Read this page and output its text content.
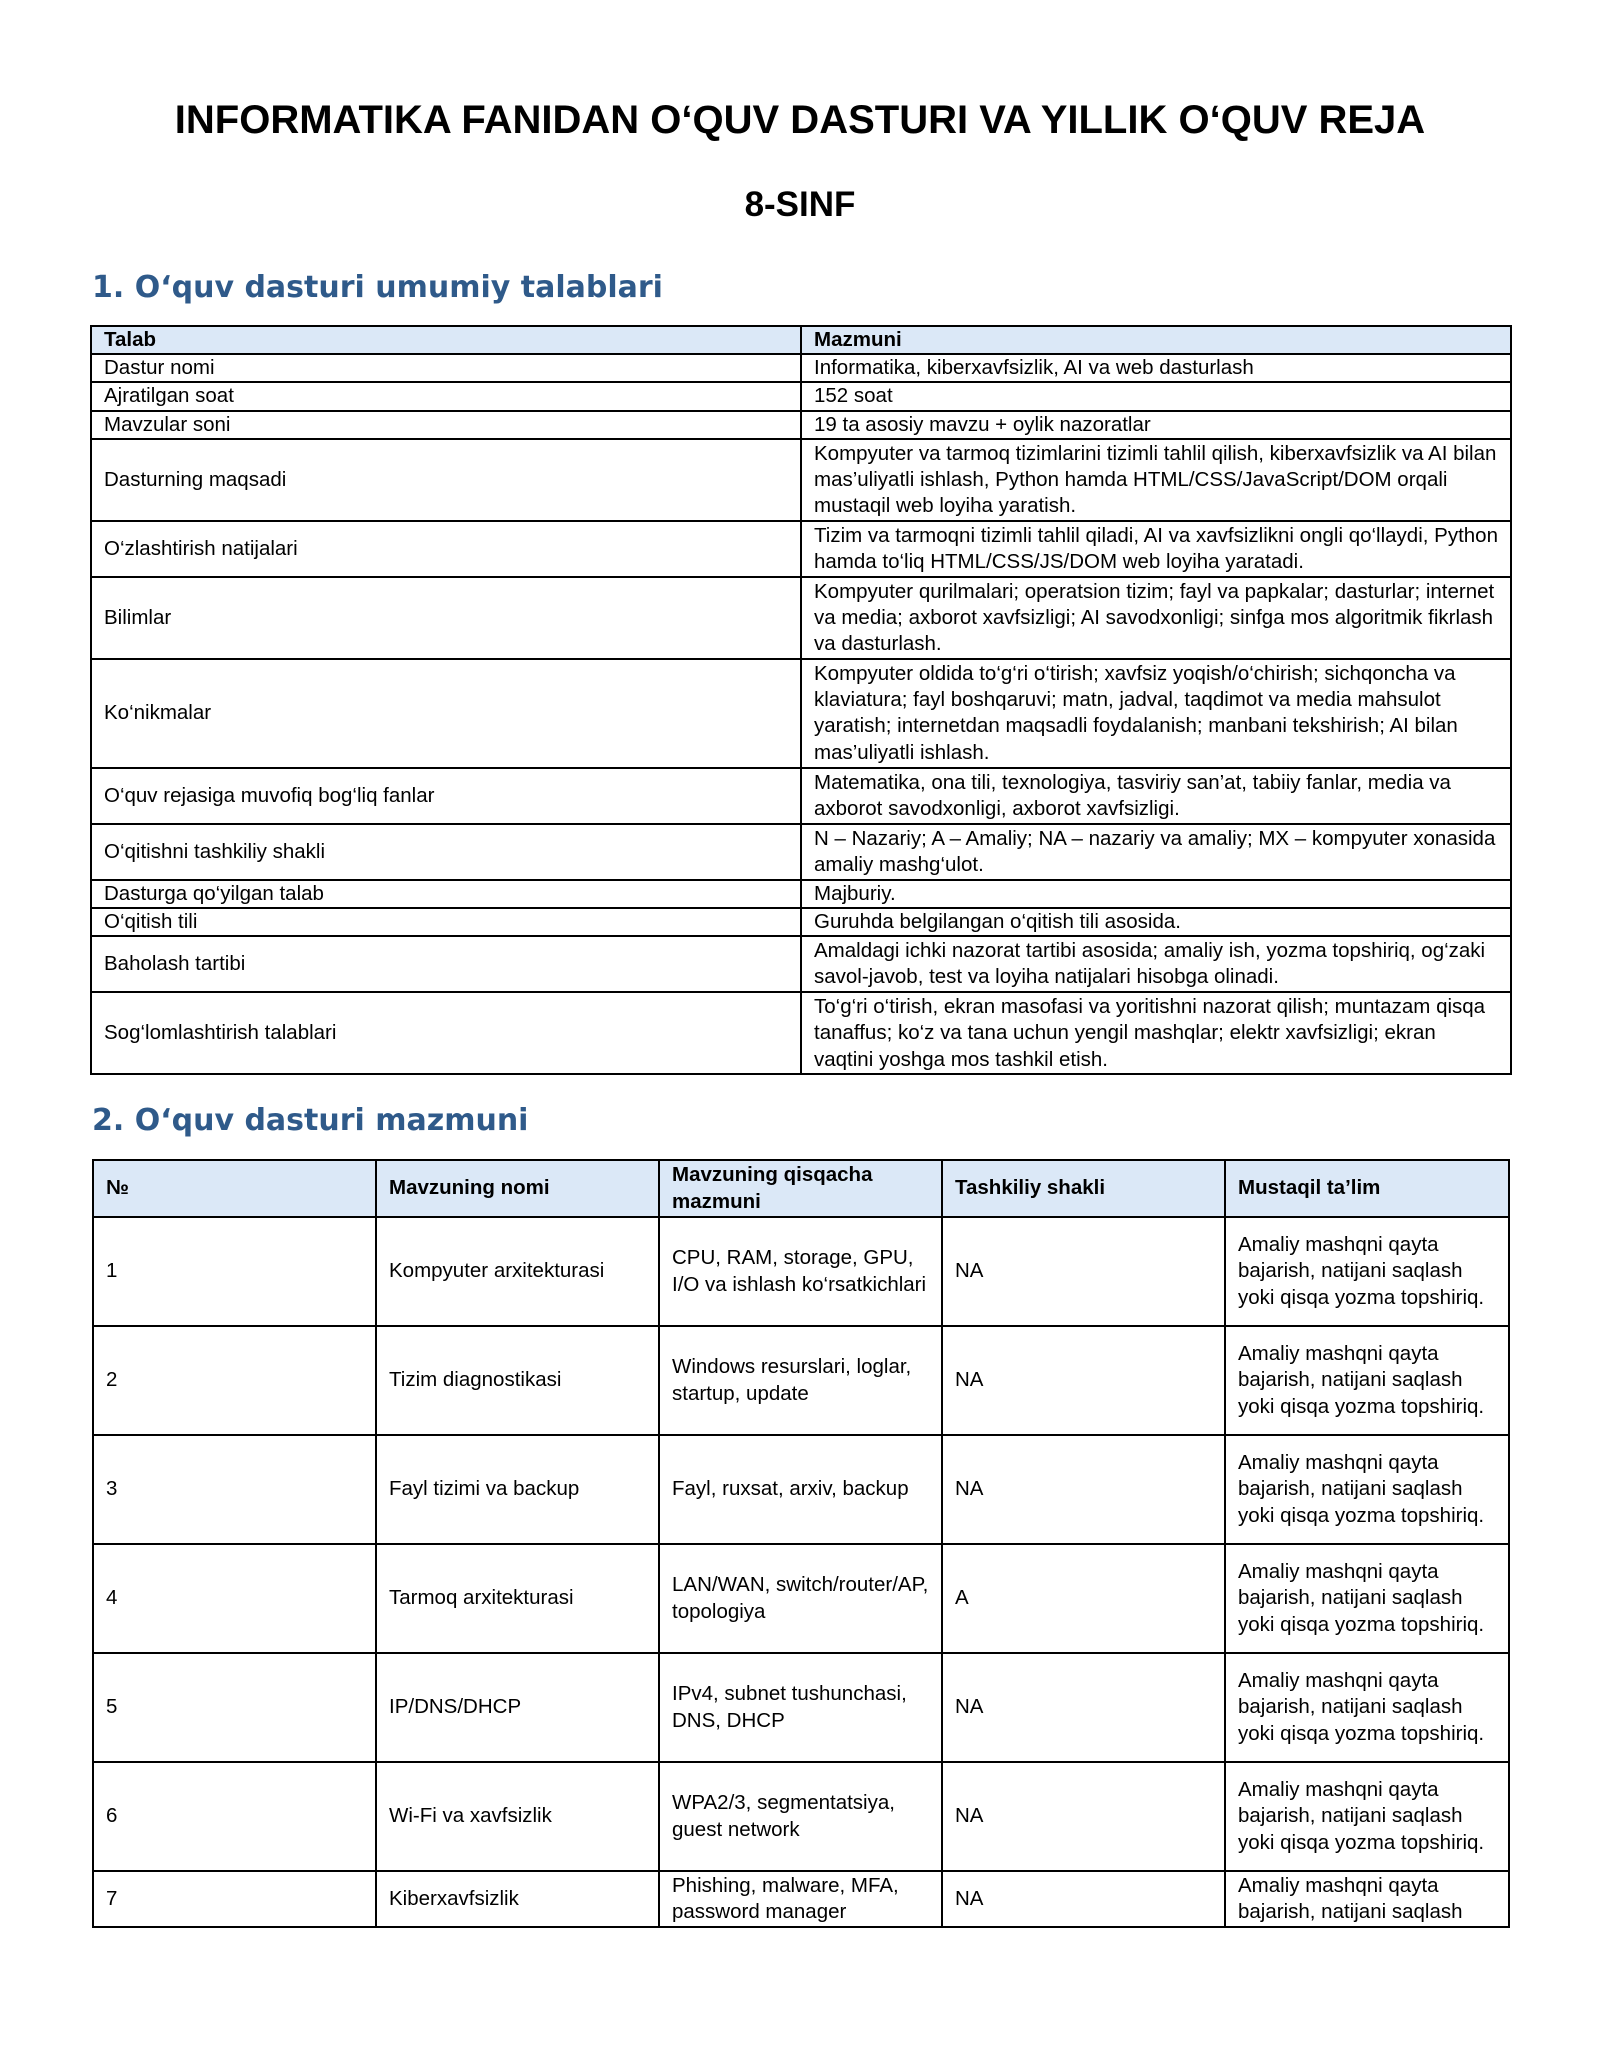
INFORMATIKA FANIDAN O‘QUV DASTURI VA YILLIK O‘QUV REJA
8-SINF
1. O‘quv dasturi umumiy talablari
Talab	Mazmuni
Dastur nomi	Informatika, kiberxavfsizlik, AI va web dasturlash
Ajratilgan soat	152 soat
Mavzular soni	19 ta asosiy mavzu + oylik nazoratlar
Dasturning maqsadi	Kompyuter va tarmoq tizimlarini tizimli tahlil qilish, kiberxavfsizlik va AI bilan mas’uliyatli ishlash, Python hamda HTML/CSS/JavaScript/DOM orqali mustaqil web loyiha yaratish.
O‘zlashtirish natijalari	Tizim va tarmoqni tizimli tahlil qiladi, AI va xavfsizlikni ongli qo‘llaydi, Python hamda to‘liq HTML/CSS/JS/DOM web loyiha yaratadi.
Bilimlar	Kompyuter qurilmalari; operatsion tizim; fayl va papkalar; dasturlar; internet va media; axborot xavfsizligi; AI savodxonligi; sinfga mos algoritmik fikrlash va dasturlash.
Ko‘nikmalar	Kompyuter oldida to‘g‘ri o‘tirish; xavfsiz yoqish/o‘chirish; sichqoncha va klaviatura; fayl boshqaruvi; matn, jadval, taqdimot va media mahsulot yaratish; internetdan maqsadli foydalanish; manbani tekshirish; AI bilan mas’uliyatli ishlash.
O‘quv rejasiga muvofiq bog‘liq fanlar	Matematika, ona tili, texnologiya, tasviriy san’at, tabiiy fanlar, media va axborot savodxonligi, axborot xavfsizligi.
O‘qitishni tashkiliy shakli	N – Nazariy; A – Amaliy; NA – nazariy va amaliy; MX – kompyuter xonasida amaliy mashg‘ulot.
Dasturga qo‘yilgan talab	Majburiy.
O‘qitish tili	Guruhda belgilangan o‘qitish tili asosida.
Baholash tartibi	Amaldagi ichki nazorat tartibi asosida; amaliy ish, yozma topshiriq, og‘zaki savol-javob, test va loyiha natijalari hisobga olinadi.
Sog‘lomlashtirish talablari	To‘g‘ri o‘tirish, ekran masofasi va yoritishni nazorat qilish; muntazam qisqa tanaffus; ko‘z va tana uchun yengil mashqlar; elektr xavfsizligi; ekran vaqtini yoshga mos tashkil etish.
2. O‘quv dasturi mazmuni
№	Mavzuning nomi	Mavzuning qisqacha mazmuni	Tashkiliy shakli	Mustaqil ta’lim
1	Kompyuter arxitekturasi	CPU, RAM, storage, GPU, I/O va ishlash ko‘rsatkichlari	NA	Amaliy mashqni qayta bajarish, natijani saqlash yoki qisqa yozma topshiriq.
2	Tizim diagnostikasi	Windows resurslari, loglar, startup, update	NA	Amaliy mashqni qayta bajarish, natijani saqlash yoki qisqa yozma topshiriq.
3	Fayl tizimi va backup	Fayl, ruxsat, arxiv, backup	NA	Amaliy mashqni qayta bajarish, natijani saqlash yoki qisqa yozma topshiriq.
4	Tarmoq arxitekturasi	LAN/WAN, switch/router/AP, topologiya	A	Amaliy mashqni qayta bajarish, natijani saqlash yoki qisqa yozma topshiriq.
5	IP/DNS/DHCP	IPv4, subnet tushunchasi, DNS, DHCP	NA	Amaliy mashqni qayta bajarish, natijani saqlash yoki qisqa yozma topshiriq.
6	Wi-Fi va xavfsizlik	WPA2/3, segmentatsiya, guest network	NA	Amaliy mashqni qayta bajarish, natijani saqlash yoki qisqa yozma topshiriq.
7	Kiberxavfsizlik	Phishing, malware, MFA, password manager	NA	Amaliy mashqni qayta bajarish, natijani saqlash
